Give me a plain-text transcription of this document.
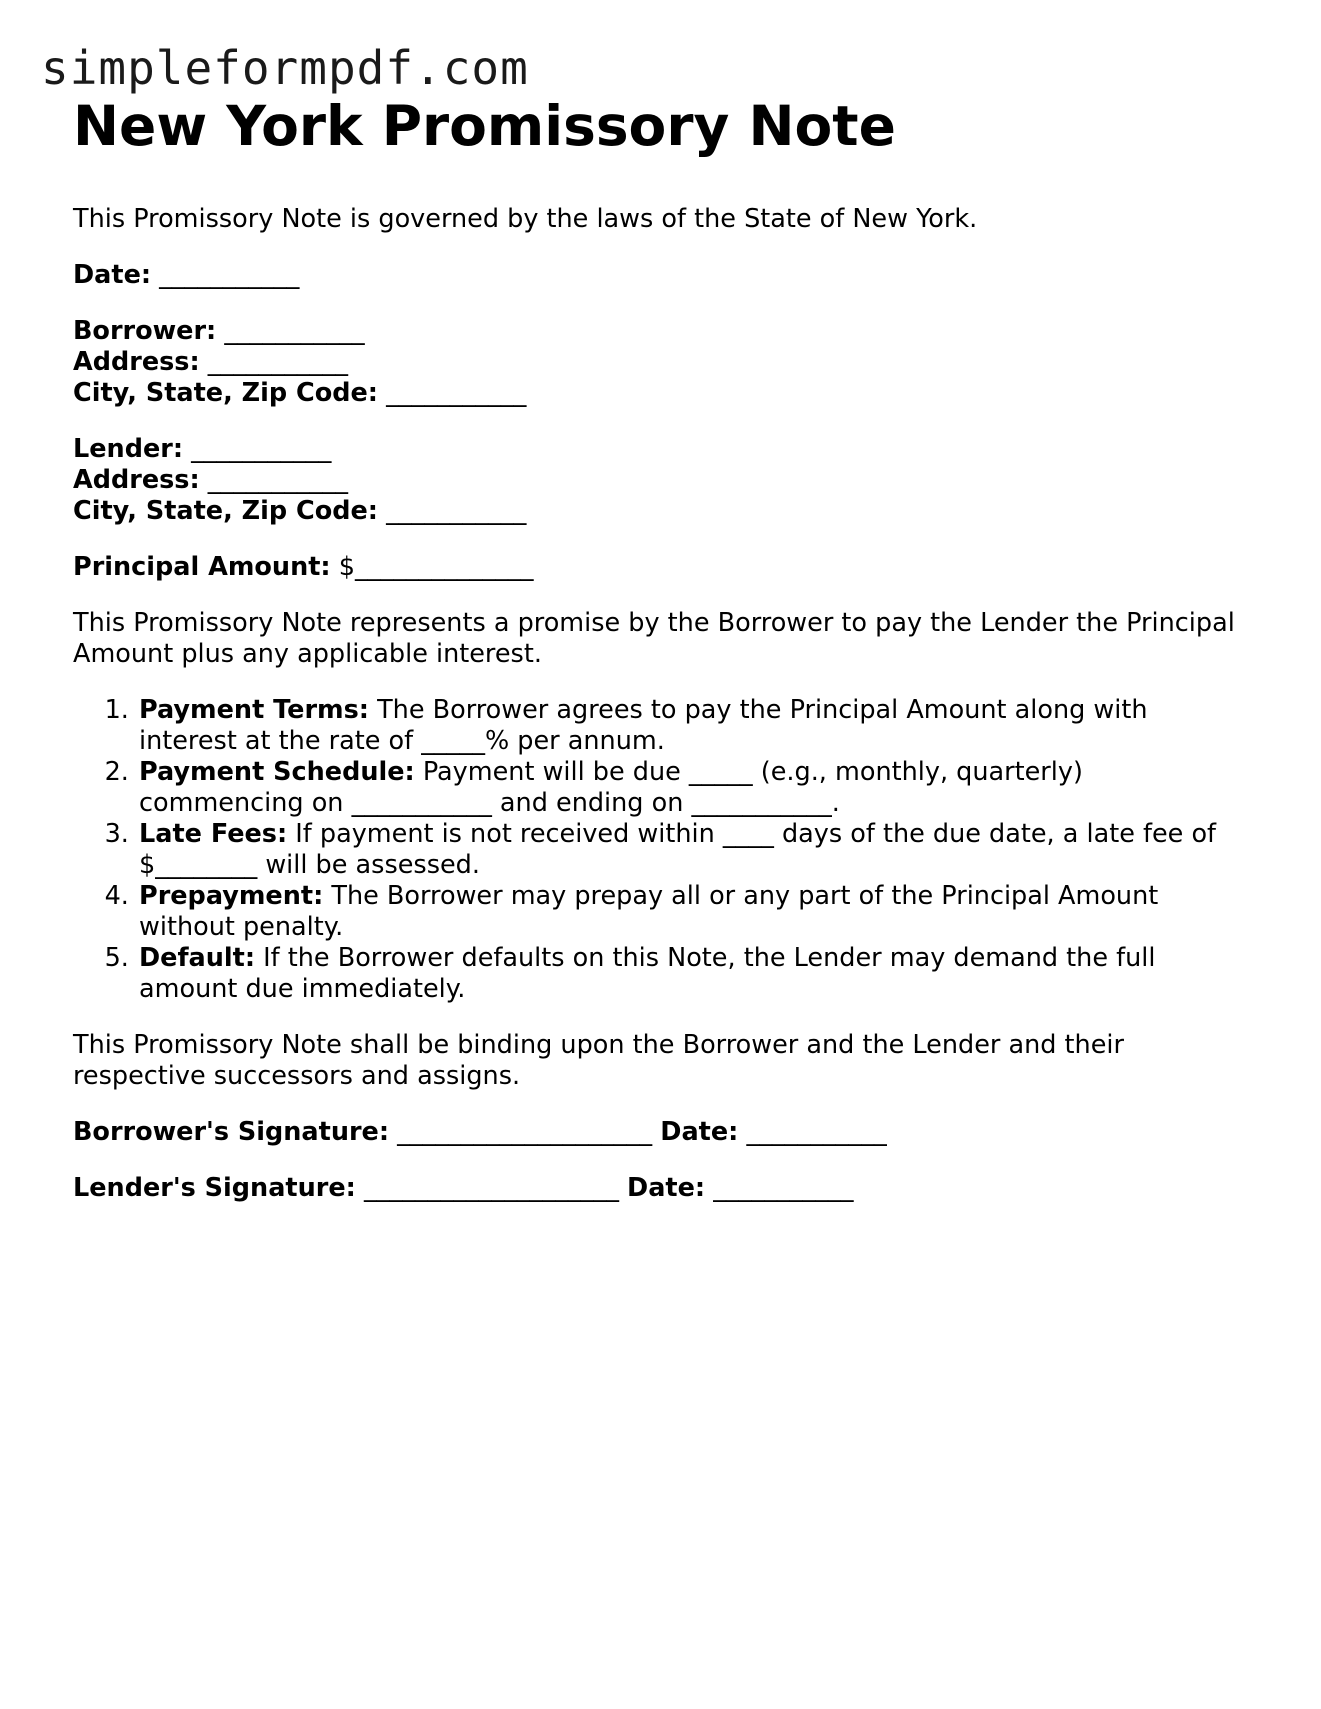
simpleformpdf.com
New York Promissory Note

This Promissory Note is governed by the laws of the State of New York.

Date: ___________
Borrower: ___________
Address: ___________
City, State, Zip Code: ___________
Lender: ___________
Address: ___________
City, State, Zip Code: ___________
Principal Amount: $______________

This Promissory Note represents a promise by the Borrower to pay the Lender the Principal Amount plus any applicable interest.

1. Payment Terms: The Borrower agrees to pay the Principal Amount along with interest at the rate of _____% per annum.
2. Payment Schedule: Payment will be due _____ (e.g., monthly, quarterly) commencing on ___________ and ending on ___________.
3. Late Fees: If payment is not received within ____ days of the due date, a late fee of $________ will be assessed.
4. Prepayment: The Borrower may prepay all or any part of the Principal Amount without penalty.
5. Default: If the Borrower defaults on this Note, the Lender may demand the full amount due immediately.

This Promissory Note shall be binding upon the Borrower and the Lender and their respective successors and assigns.

Borrower's Signature: ____________________ Date: ___________
Lender's Signature: ____________________ Date: ___________
